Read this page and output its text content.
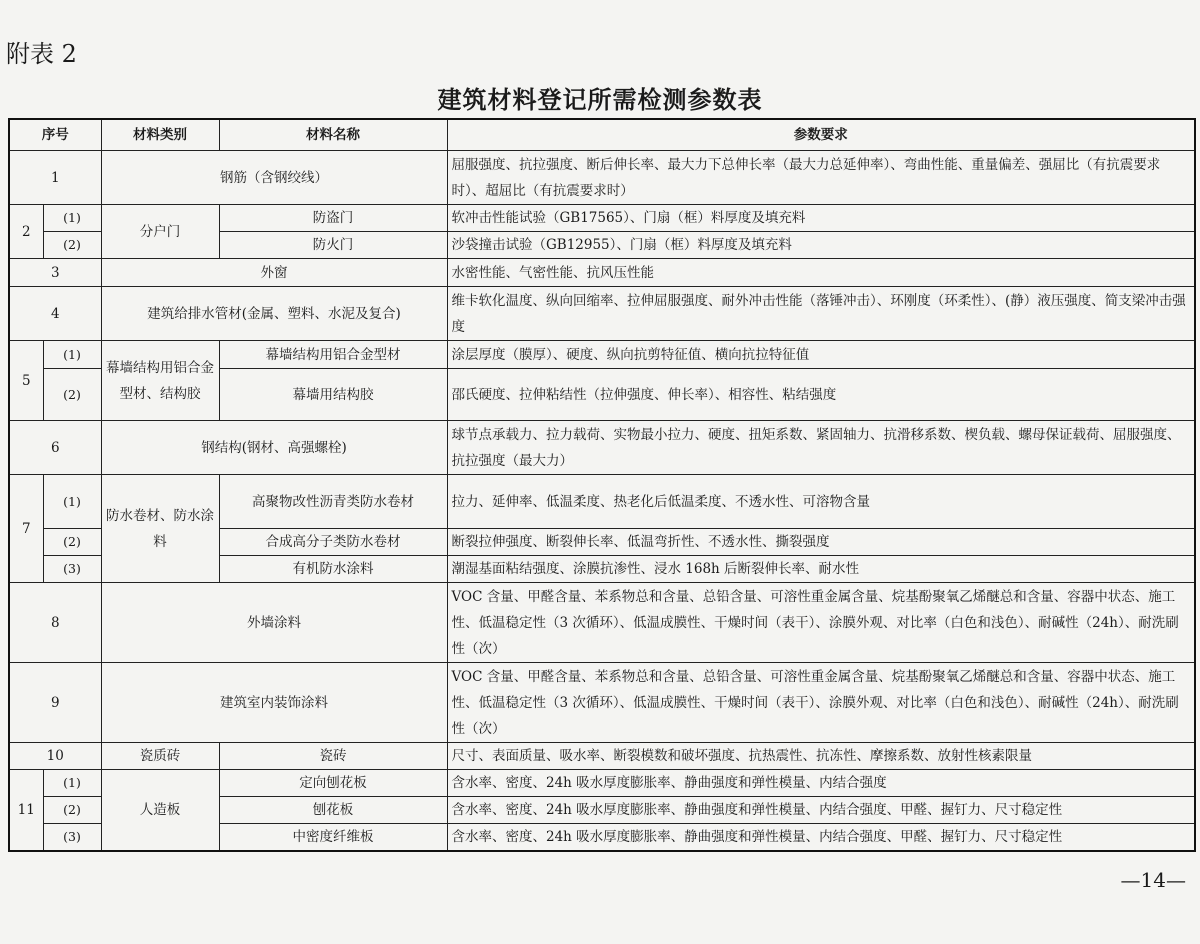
附表 2
建筑材料登记所需检测参数表
序号		材料类别	材料名称	参数要求
1		钢筋（含钢绞线）		屈服强度、抗拉强度、断后伸长率、最大力下总伸长率（最大力总延伸率）、弯曲性能、重量偏差、强屈比（有抗震要求时）、超屈比（有抗震要求时）
2	(1)	分户门	防盗门	软冲击性能试验（GB17565）、门扇（框）料厚度及填充料
	(2)		防火门	沙袋撞击试验（GB12955）、门扇（框）料厚度及填充料
3		外窗		水密性能、气密性能、抗风压性能
4		建筑给排水管材(金属、塑料、水泥及复合)		维卡软化温度、纵向回缩率、拉伸屈服强度、耐外冲击性能（落锤冲击）、环刚度（环柔性）、(静）液压强度、简支梁冲击强度
5	(1)	幕墙结构用铝合金型材、结构胶	幕墙结构用铝合金型材	涂层厚度（膜厚）、硬度、纵向抗剪特征值、横向抗拉特征值
	(2)		幕墙用结构胶	邵氏硬度、拉伸粘结性（拉伸强度、伸长率）、相容性、粘结强度
6		钢结构(钢材、高强螺栓)		球节点承载力、拉力载荷、实物最小拉力、硬度、扭矩系数、紧固轴力、抗滑移系数、楔负载、螺母保证载荷、屈服强度、抗拉强度（最大力）
7	(1)	防水卷材、防水涂料	高聚物改性沥青类防水卷材	拉力、延伸率、低温柔度、热老化后低温柔度、不透水性、可溶物含量
	(2)		合成高分子类防水卷材	断裂拉伸强度、断裂伸长率、低温弯折性、不透水性、撕裂强度
	(3)		有机防水涂料	潮湿基面粘结强度、涂膜抗渗性、浸水 168h 后断裂伸长率、耐水性
8		外墙涂料		VOC 含量、甲醛含量、苯系物总和含量、总铅含量、可溶性重金属含量、烷基酚聚氧乙烯醚总和含量、容器中状态、施工性、低温稳定性（3 次循环）、低温成膜性、干燥时间（表干）、涂膜外观、对比率（白色和浅色）、耐碱性（24h）、耐洗刷性（次）
9		建筑室内装饰涂料		VOC 含量、甲醛含量、苯系物总和含量、总铅含量、可溶性重金属含量、烷基酚聚氧乙烯醚总和含量、容器中状态、施工性、低温稳定性（3 次循环）、低温成膜性、干燥时间（表干）、涂膜外观、对比率（白色和浅色）、耐碱性（24h）、耐洗刷性（次）
10		瓷质砖	瓷砖	尺寸、表面质量、吸水率、断裂模数和破坏强度、抗热震性、抗冻性、摩擦系数、放射性核素限量
11	(1)	人造板	定向刨花板	含水率、密度、24h 吸水厚度膨胀率、静曲强度和弹性模量、内结合强度
	(2)		刨花板	含水率、密度、24h 吸水厚度膨胀率、静曲强度和弹性模量、内结合强度、甲醛、握钉力、尺寸稳定性
	(3)		中密度纤维板	含水率、密度、24h 吸水厚度膨胀率、静曲强度和弹性模量、内结合强度、甲醛、握钉力、尺寸稳定性
—14—
